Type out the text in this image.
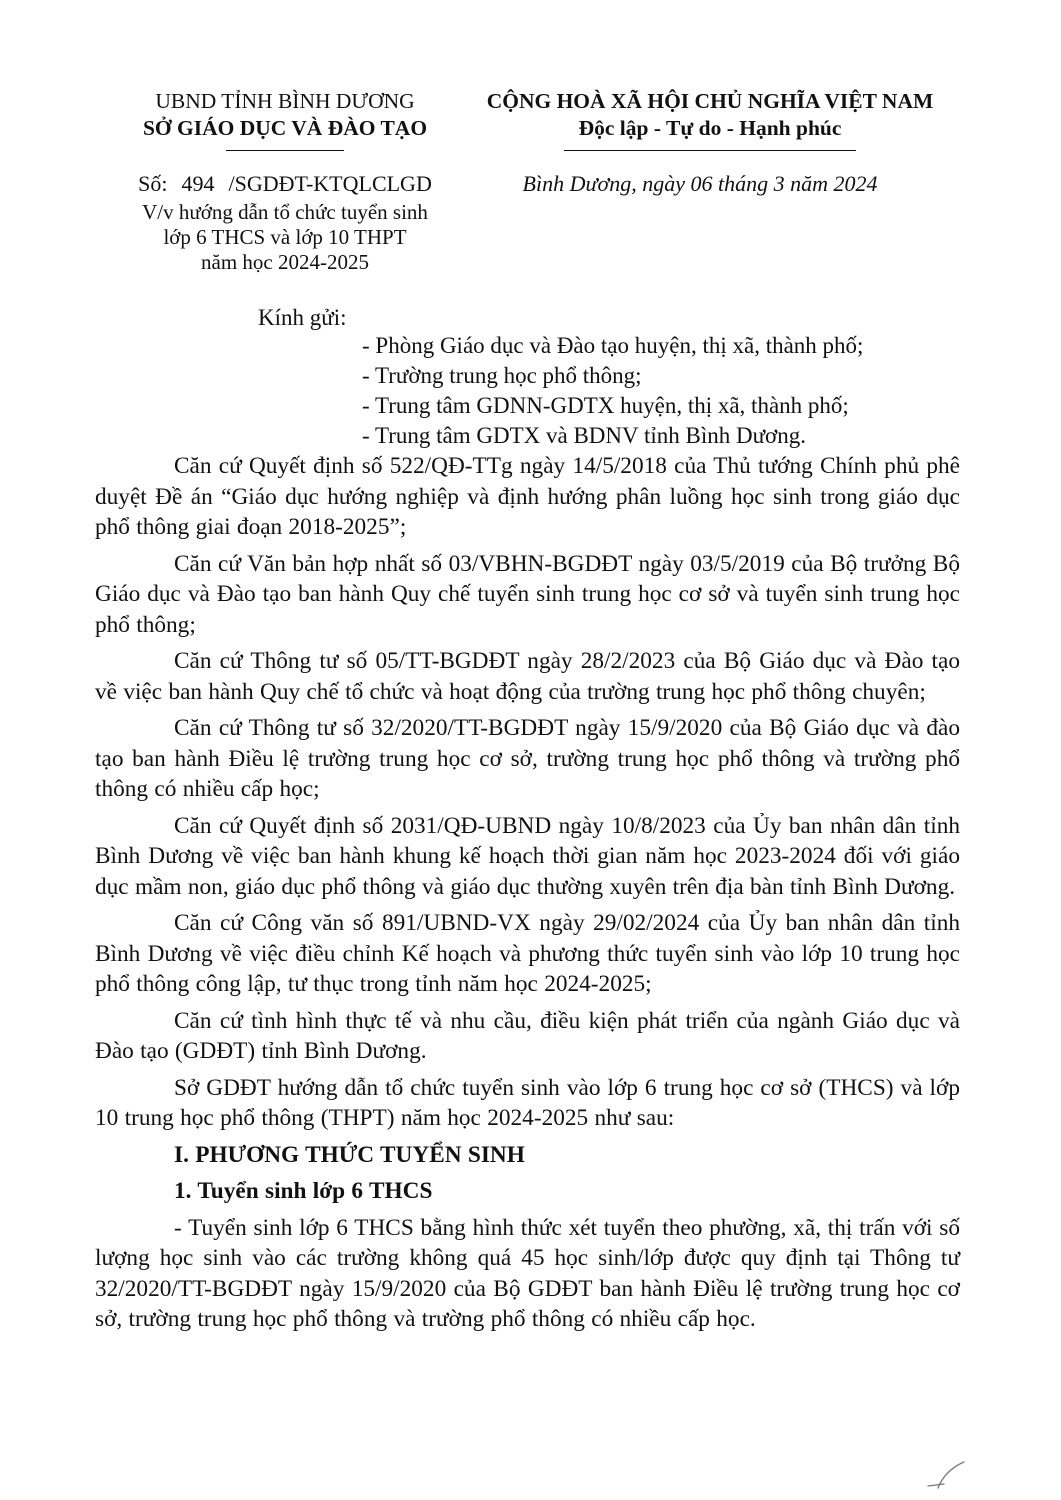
UBND TỈNH BÌNH DƯƠNG
SỞ GIÁO DỤC VÀ ĐÀO TẠO
CỘNG HOÀ XÃ HỘI CHỦ NGHĨA VIỆT NAM
Độc lập - Tự do - Hạnh phúc
Số: 494 /SGDĐT-KTQLCLGD
V/v hướng dẫn tổ chức tuyển sinh
lớp 6 THCS và lớp 10 THPT
năm học 2024-2025
Bình Dương, ngày 06 tháng 3 năm 2024
Kính gửi:
- Phòng Giáo dục và Đào tạo huyện, thị xã, thành phố;
- Trường trung học phổ thông;
- Trung tâm GDNN-GDTX huyện, thị xã, thành phố;
- Trung tâm GDTX và BDNV tỉnh Bình Dương.

Căn cứ Quyết định số 522/QĐ-TTg ngày 14/5/2018 của Thủ tướng Chính phủ phê duyệt Đề án “Giáo dục hướng nghiệp và định hướng phân luồng học sinh trong giáo dục phổ thông giai đoạn 2018-2025”;

Căn cứ Văn bản hợp nhất số 03/VBHN-BGDĐT ngày 03/5/2019 của Bộ trưởng Bộ Giáo dục và Đào tạo ban hành Quy chế tuyển sinh trung học cơ sở và tuyển sinh trung học phổ thông;

Căn cứ Thông tư số 05/TT-BGDĐT ngày 28/2/2023 của Bộ Giáo dục và Đào tạo về việc ban hành Quy chế tổ chức và hoạt động của trường trung học phổ thông chuyên;

Căn cứ Thông tư số 32/2020/TT-BGDĐT ngày 15/9/2020 của Bộ Giáo dục và đào tạo ban hành Điều lệ trường trung học cơ sở, trường trung học phổ thông và trường phổ thông có nhiều cấp học;

Căn cứ Quyết định số 2031/QĐ-UBND ngày 10/8/2023 của Ủy ban nhân dân tỉnh Bình Dương về việc ban hành khung kế hoạch thời gian năm học 2023-2024 đối với giáo dục mầm non, giáo dục phổ thông và giáo dục thường xuyên trên địa bàn tỉnh Bình Dương.

Căn cứ Công văn số 891/UBND-VX ngày 29/02/2024 của Ủy ban nhân dân tỉnh Bình Dương về việc điều chỉnh Kế hoạch và phương thức tuyển sinh vào lớp 10 trung học phổ thông công lập, tư thục trong tỉnh năm học 2024-2025;

Căn cứ tình hình thực tế và nhu cầu, điều kiện phát triển của ngành Giáo dục và Đào tạo (GDĐT) tỉnh Bình Dương.

Sở GDĐT hướng dẫn tổ chức tuyển sinh vào lớp 6 trung học cơ sở (THCS) và lớp 10 trung học phổ thông (THPT) năm học 2024-2025 như sau:

I. PHƯƠNG THỨC TUYỂN SINH

1. Tuyển sinh lớp 6 THCS

- Tuyển sinh lớp 6 THCS bằng hình thức xét tuyển theo phường, xã, thị trấn với số lượng học sinh vào các trường không quá 45 học sinh/lớp được quy định tại Thông tư 32/2020/TT-BGDĐT ngày 15/9/2020 của Bộ GDĐT ban hành Điều lệ trường trung học cơ sở, trường trung học phổ thông và trường phổ thông có nhiều cấp học.
